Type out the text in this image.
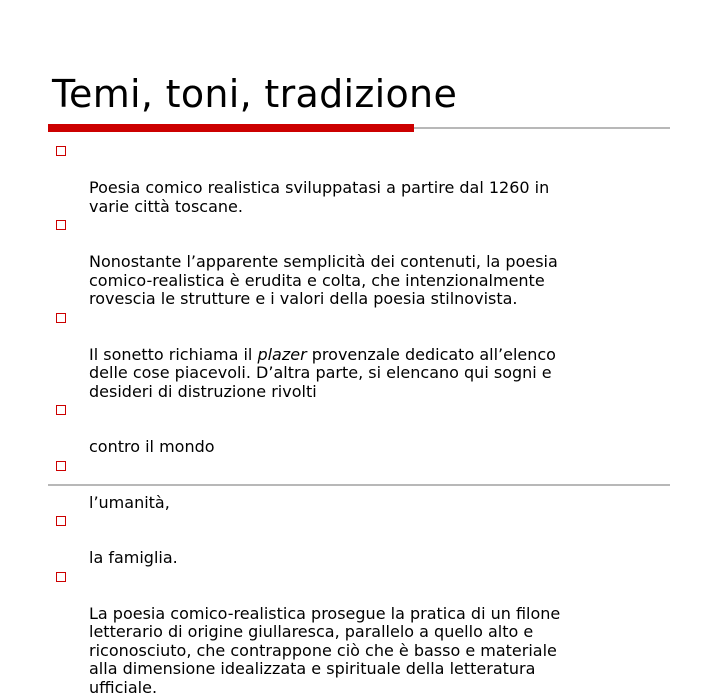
Temi, toni, tradizione

Poesia comico realistica sviluppatasi a partire dal 1260 in
varie città toscane.

Nonostante l’apparente semplicità dei contenuti, la poesia
comico-realistica è erudita e colta, che intenzionalmente
rovescia le strutture e i valori della poesia stilnovista.

Il sonetto richiama il plazer provenzale dedicato all’elenco
delle cose piacevoli. D’altra parte, si elencano qui sogni e
desideri di distruzione rivolti

contro il mondo

l’umanità,

la famiglia.

La poesia comico-realistica prosegue la pratica di un filone
letterario di origine giullaresca, parallelo a quello alto e
riconosciuto, che contrappone ciò che è basso e materiale
alla dimensione idealizzata e spirituale della letteratura
ufficiale.
